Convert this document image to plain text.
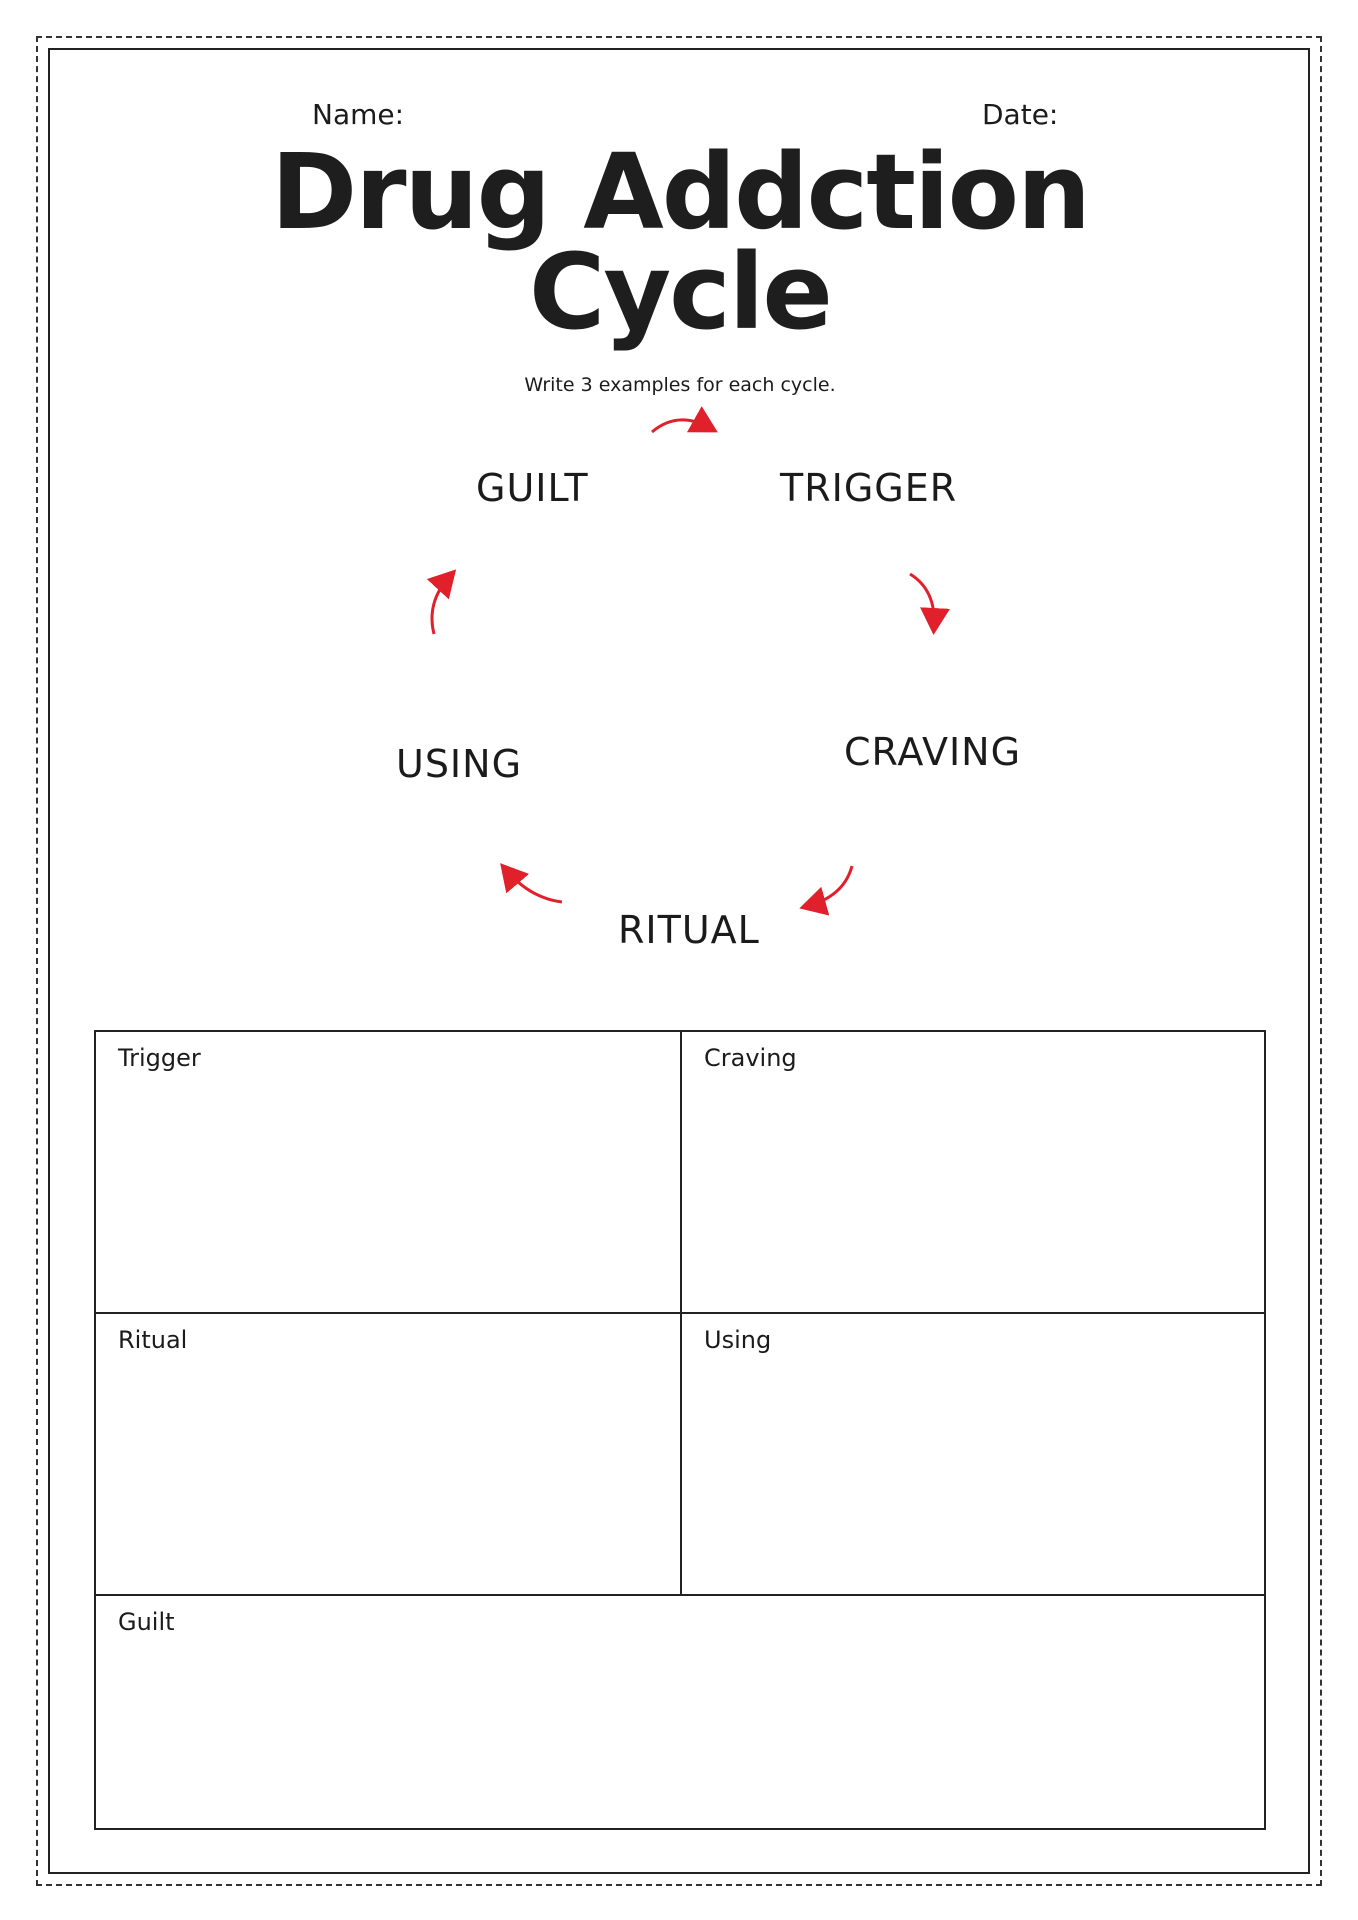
Name:	Date:
Drug Addction
Cycle
Write 3 examples for each cycle.
GUILT	TRIGGER
CRAVING
RITUAL
USING
Trigger	Craving
Ritual	Using
Guilt
